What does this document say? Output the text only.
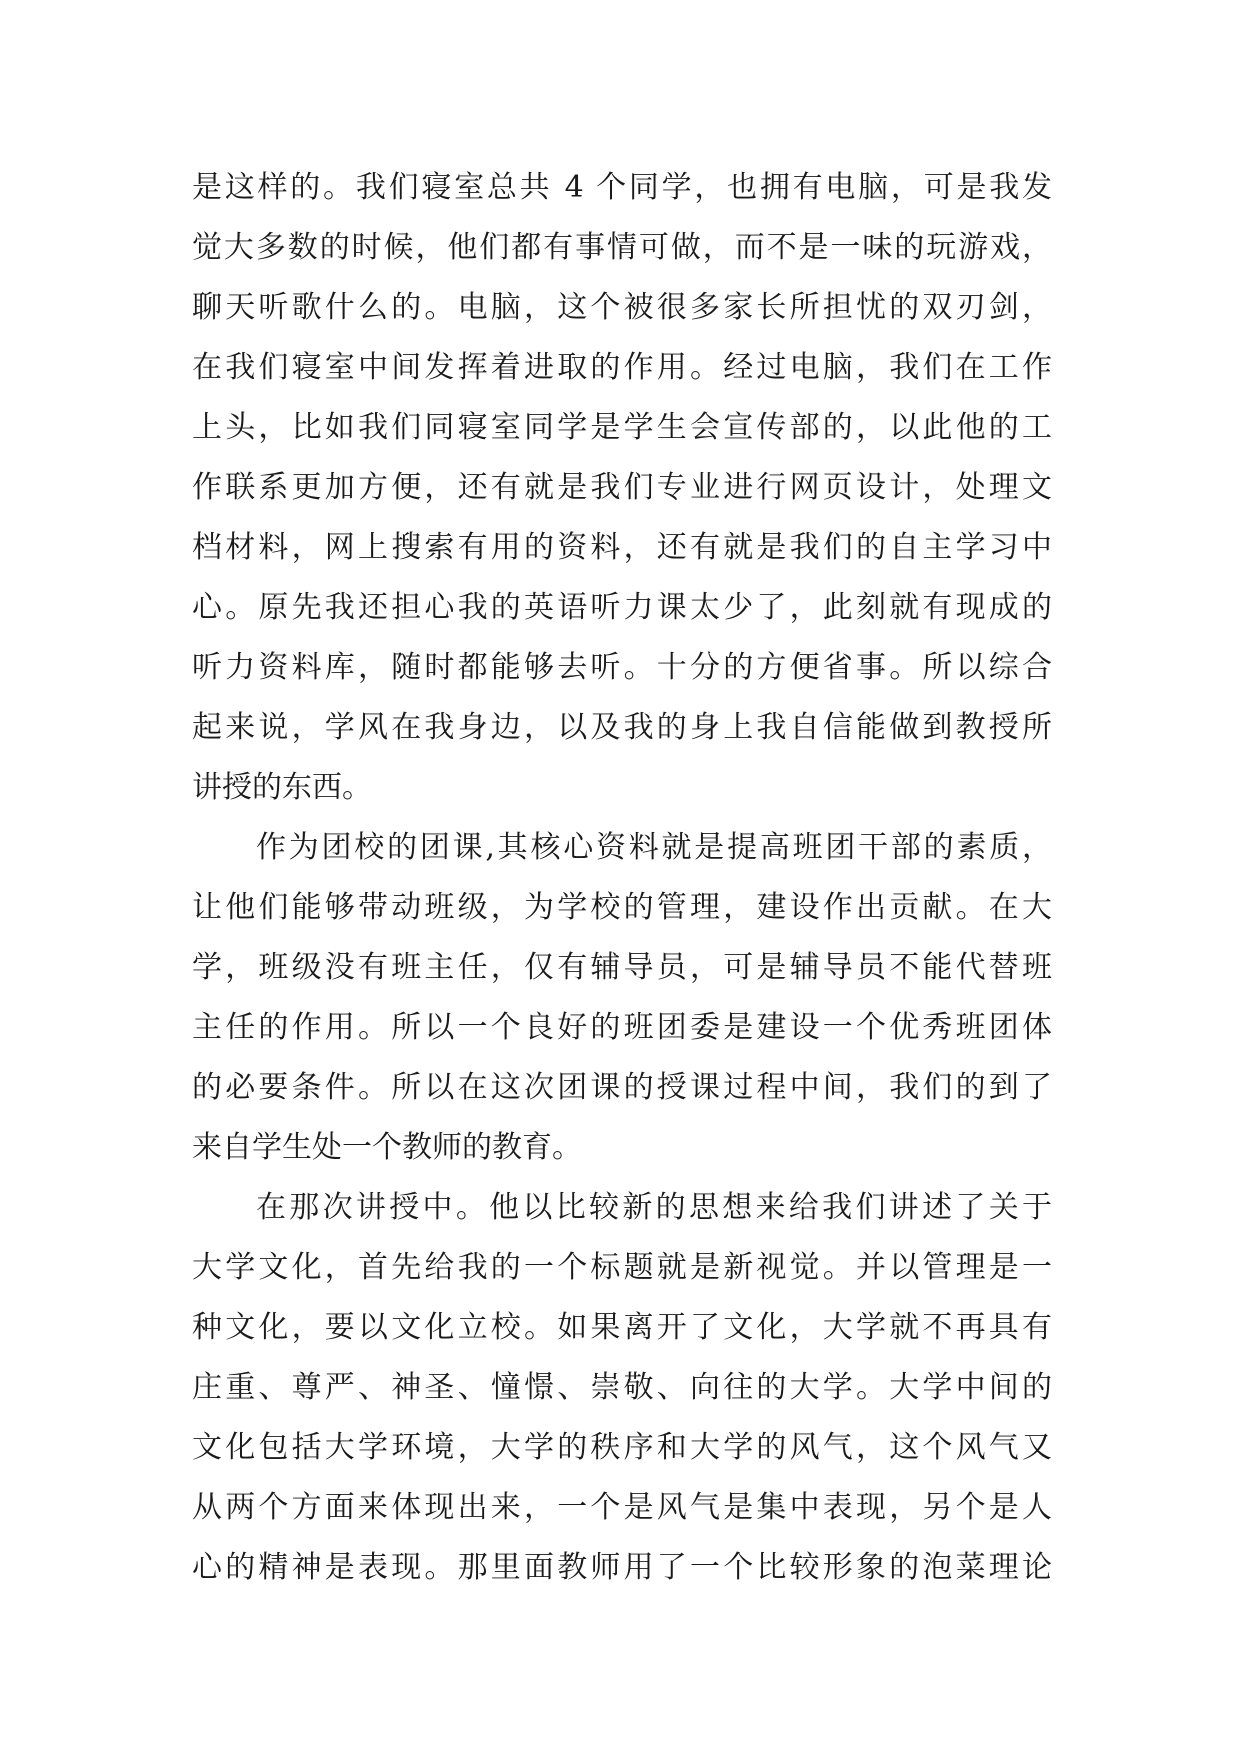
是这样的。我们寝室总共 4 个同学，也拥有电脑，可是我发
觉大多数的时候，他们都有事情可做，而不是一味的玩游戏，
聊天听歌什么的。电脑，这个被很多家长所担忧的双刃剑，
在我们寝室中间发挥着进取的作用。经过电脑，我们在工作
上头，比如我们同寝室同学是学生会宣传部的，以此他的工
作联系更加方便，还有就是我们专业进行网页设计，处理文
档材料，网上搜索有用的资料，还有就是我们的自主学习中
心。原先我还担心我的英语听力课太少了，此刻就有现成的
听力资料库，随时都能够去听。十分的方便省事。所以综合
起来说，学风在我身边，以及我的身上我自信能做到教授所
讲授的东西。
作为团校的团课,其核心资料就是提高班团干部的素质，
让他们能够带动班级，为学校的管理，建设作出贡献。在大
学，班级没有班主任，仅有辅导员，可是辅导员不能代替班
主任的作用。所以一个良好的班团委是建设一个优秀班团体
的必要条件。所以在这次团课的授课过程中间，我们的到了
来自学生处一个教师的教育。
在那次讲授中。他以比较新的思想来给我们讲述了关于
大学文化，首先给我的一个标题就是新视觉。并以管理是一
种文化，要以文化立校。如果离开了文化，大学就不再具有
庄重、尊严、神圣、憧憬、崇敬、向往的大学。大学中间的
文化包括大学环境，大学的秩序和大学的风气，这个风气又
从两个方面来体现出来，一个是风气是集中表现，另个是人
心的精神是表现。那里面教师用了一个比较形象的泡菜理论
